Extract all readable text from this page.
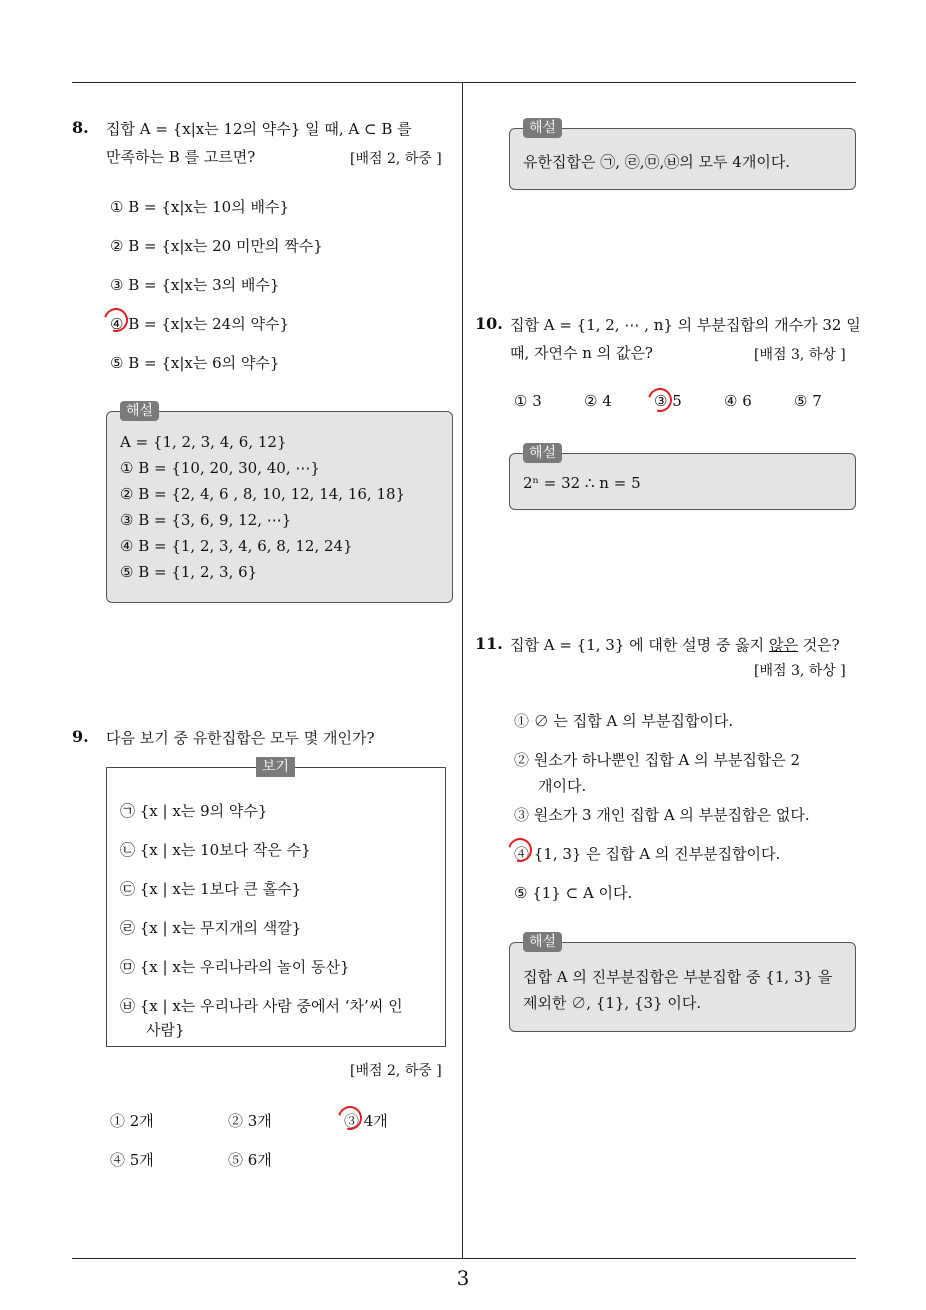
8. 집합 A = {x|x는 12의 약수} 일 때, A ⊂ B 를
만족하는 B 를 고르면?	[배점 2, 하중 ]
① B = {x|x는 10의 배수}
② B = {x|x는 20 미만의 짝수}
③ B = {x|x는 3의 배수}
④ B = {x|x는 24의 약수}
⑤ B = {x|x는 6의 약수}
해설
A = {1, 2, 3, 4, 6, 12}
① B = {10, 20, 30, 40, ⋯}
② B = {2, 4, 6 , 8, 10, 12, 14, 16, 18}
③ B = {3, 6, 9, 12, ⋯}
④ B = {1, 2, 3, 4, 6, 8, 12, 24}
⑤ B = {1, 2, 3, 6}
9. 다음 보기 중 유한집합은 모두 몇 개인가?
보기
㉠ {x | x는 9의 약수}
㉡ {x | x는 10보다 작은 수}
㉢ {x | x는 1보다 큰 홀수}
㉣ {x | x는 무지개의 색깔}
㉤ {x | x는 우리나라의 놀이 동산}
㉥ {x | x는 우리나라 사람 중에서 ‘차’씨 인
사람}
[배점 2, 하중 ]
① 2개	② 3개	③ 4개
④ 5개	⑤ 6개
해설
유한집합은 ㉠, ㉣,㉤,㉥의 모두 4개이다.
10. 집합 A = {1, 2, ⋯ , n} 의 부분집합의 개수가 32 일
때, 자연수 n 의 값은?	[배점 3, 하상 ]
① 3	② 4	③ 5	④ 6	⑤ 7
해설
2ⁿ = 32 ∴ n = 5
11. 집합 A = {1, 3} 에 대한 설명 중 옳지 않은 것은?
[배점 3, 하상 ]
① ∅ 는 집합 A 의 부분집합이다.
② 원소가 하나뿐인 집합 A 의 부분집합은 2
개이다.
③ 원소가 3 개인 집합 A 의 부분집합은 없다.
④ {1, 3} 은 집합 A 의 진부분집합이다.
⑤ {1} ⊂ A 이다.
해설
집합 A 의 진부분집합은 부분집합 중 {1, 3} 을
제외한 ∅, {1}, {3} 이다.
3
